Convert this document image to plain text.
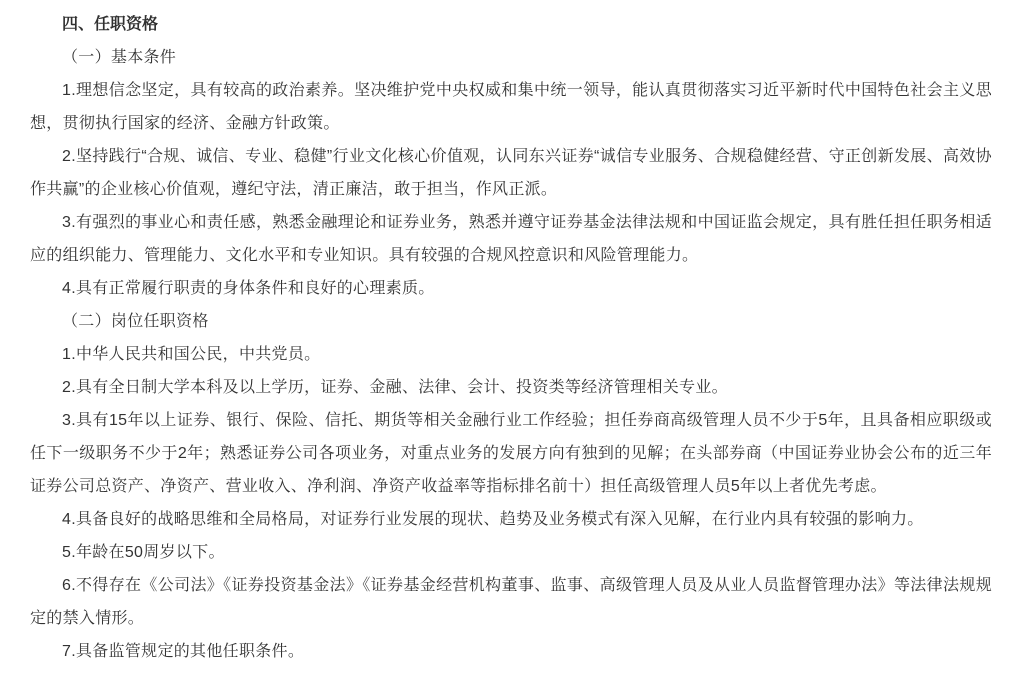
四、任职资格

（一）基本条件

1.理想信念坚定，具有较高的政治素养。坚决维护党中央权威和集中统一领导，能认真贯彻落实习近平新时代中国特色社会主义思想，贯彻执行国家的经济、金融方针政策。

2.坚持践行“合规、诚信、专业、稳健”行业文化核心价值观，认同东兴证券“诚信专业服务、合规稳健经营、守正创新发展、高效协作共赢”的企业核心价值观，遵纪守法，清正廉洁，敢于担当，作风正派。

3.有强烈的事业心和责任感，熟悉金融理论和证券业务，熟悉并遵守证券基金法律法规和中国证监会规定，具有胜任担任职务相适应的组织能力、管理能力、文化水平和专业知识。具有较强的合规风控意识和风险管理能力。

4.具有正常履行职责的身体条件和良好的心理素质。

（二）岗位任职资格

1.中华人民共和国公民，中共党员。

2.具有全日制大学本科及以上学历，证券、金融、法律、会计、投资类等经济管理相关专业。

3.具有15年以上证券、银行、保险、信托、期货等相关金融行业工作经验；担任券商高级管理人员不少于5年，且具备相应职级或任下一级职务不少于2年；熟悉证券公司各项业务，对重点业务的发展方向有独到的见解；在头部券商（中国证券业协会公布的近三年证券公司总资产、净资产、营业收入、净利润、净资产收益率等指标排名前十）担任高级管理人员5年以上者优先考虑。

4.具备良好的战略思维和全局格局，对证券行业发展的现状、趋势及业务模式有深入见解，在行业内具有较强的影响力。

5.年龄在50周岁以下。

6.不得存在《公司法》《证券投资基金法》《证券基金经营机构董事、监事、高级管理人员及从业人员监督管理办法》等法律法规规定的禁入情形。

7.具备监管规定的其他任职条件。
